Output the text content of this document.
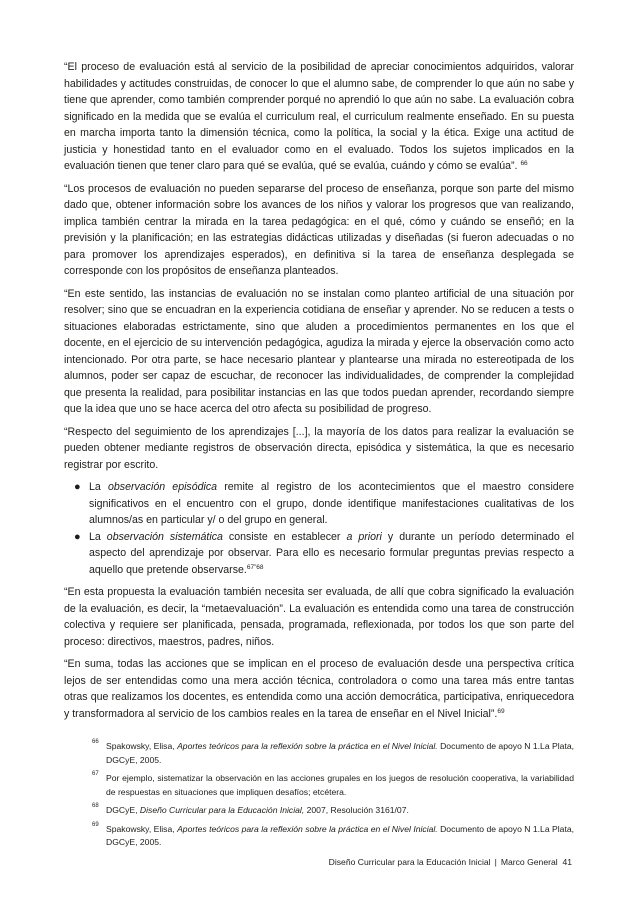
“El proceso de evaluación está al servicio de la posibilidad de apreciar conocimientos adquiridos, valorar habilidades y actitudes construidas, de conocer lo que el alumno sabe, de comprender lo que aún no sabe y tiene que aprender, como también comprender porqué no aprendió lo que aún no sabe. La evaluación cobra significado en la medida que se evalúa el curriculum real, el curriculum realmente enseñado. En su puesta en marcha importa tanto la dimensión técnica, como la política, la social y la ética. Exige una actitud de justicia y honestidad tanto en el evaluador como en el evaluado. Todos los sujetos implicados en la evaluación tienen que tener claro para qué se evalúa, qué se evalúa, cuándo y cómo se evalúa”. $^{66}$

“Los procesos de evaluación no pueden separarse del proceso de enseñanza, porque son parte del mismo dado que, obtener información sobre los avances de los niños y valorar los progresos que van realizando, implica también centrar la mirada en la tarea pedagógica: en el qué, cómo y cuándo se enseñó; en la previsión y la planificación; en las estrategias didácticas utilizadas y diseñadas (si fueron adecuadas o no para promover los aprendizajes esperados), en definitiva si la tarea de enseñanza desplegada se corresponde con los propósitos de enseñanza planteados.

“En este sentido, las instancias de evaluación no se instalan como planteo artificial de una situación por resolver; sino que se encuadran en la experiencia cotidiana de enseñar y aprender. No se reducen a tests o situaciones elaboradas estrictamente, sino que aluden a procedimientos permanentes en los que el docente, en el ejercicio de su intervención pedagógica, agudiza la mirada y ejerce la observación como acto intencionado. Por otra parte, se hace necesario plantear y plantearse una mirada no estereotipada de los alumnos, poder ser capaz de escuchar, de reconocer las individualidades, de comprender la complejidad que presenta la realidad, para posibilitar instancias en las que todos puedan aprender, recordando siempre que la idea que uno se hace acerca del otro afecta su posibilidad de progreso.

“Respecto del seguimiento de los aprendizajes [...], la mayoría de los datos para realizar la evaluación se pueden obtener mediante registros de observación directa, episódica y sistemática, la que es necesario registrar por escrito.

● La observación episódica remite al registro de los acontecimientos que el maestro considere significativos en el encuentro con el grupo, donde identifique manifestaciones cualitativas de los alumnos/as en particular y/ o del grupo en general.
● La observación sistemática consiste en establecer a priori y durante un período determinado el aspecto del aprendizaje por observar. Para ello es necesario formular preguntas previas respecto a aquello que pretende observarse.$^{67”68}$

“En esta propuesta la evaluación también necesita ser evaluada, de allí que cobra significado la evaluación de la evaluación, es decir, la “metaevaluación”. La evaluación es entendida como una tarea de construcción colectiva y requiere ser planificada, pensada, programada, reflexionada, por todos los que son parte del proceso: directivos, maestros, padres, niños.

“En suma, todas las acciones que se implican en el proceso de evaluación desde una perspectiva crítica lejos de ser entendidas como una mera acción técnica, controladora o como una tarea más entre tantas otras que realizamos los docentes, es entendida como una acción democrática, participativa, enriquecedora y transformadora al servicio de los cambios reales en la tarea de enseñar en el Nivel Inicial”.$^{69}$

66 Spakowsky, Elisa, Aportes teóricos para la reflexión sobre la práctica en el Nivel Inicial. Documento de apoyo N 1.La Plata, DGCyE, 2005.

67 Por ejemplo, sistematizar la observación en las acciones grupales en los juegos de resolución cooperativa, la variabilidad de respuestas en situaciones que impliquen desafíos; etcétera.

68 DGCyE, Diseño Curricular para la Educación Inicial, 2007, Resolución 3161/07.

69 Spakowsky, Elisa, Aportes teóricos para la reflexión sobre la práctica en el Nivel Inicial. Documento de apoyo N 1.La Plata, DGCyE, 2005.

Diseño Curricular para la Educación Inicial | Marco General 41
